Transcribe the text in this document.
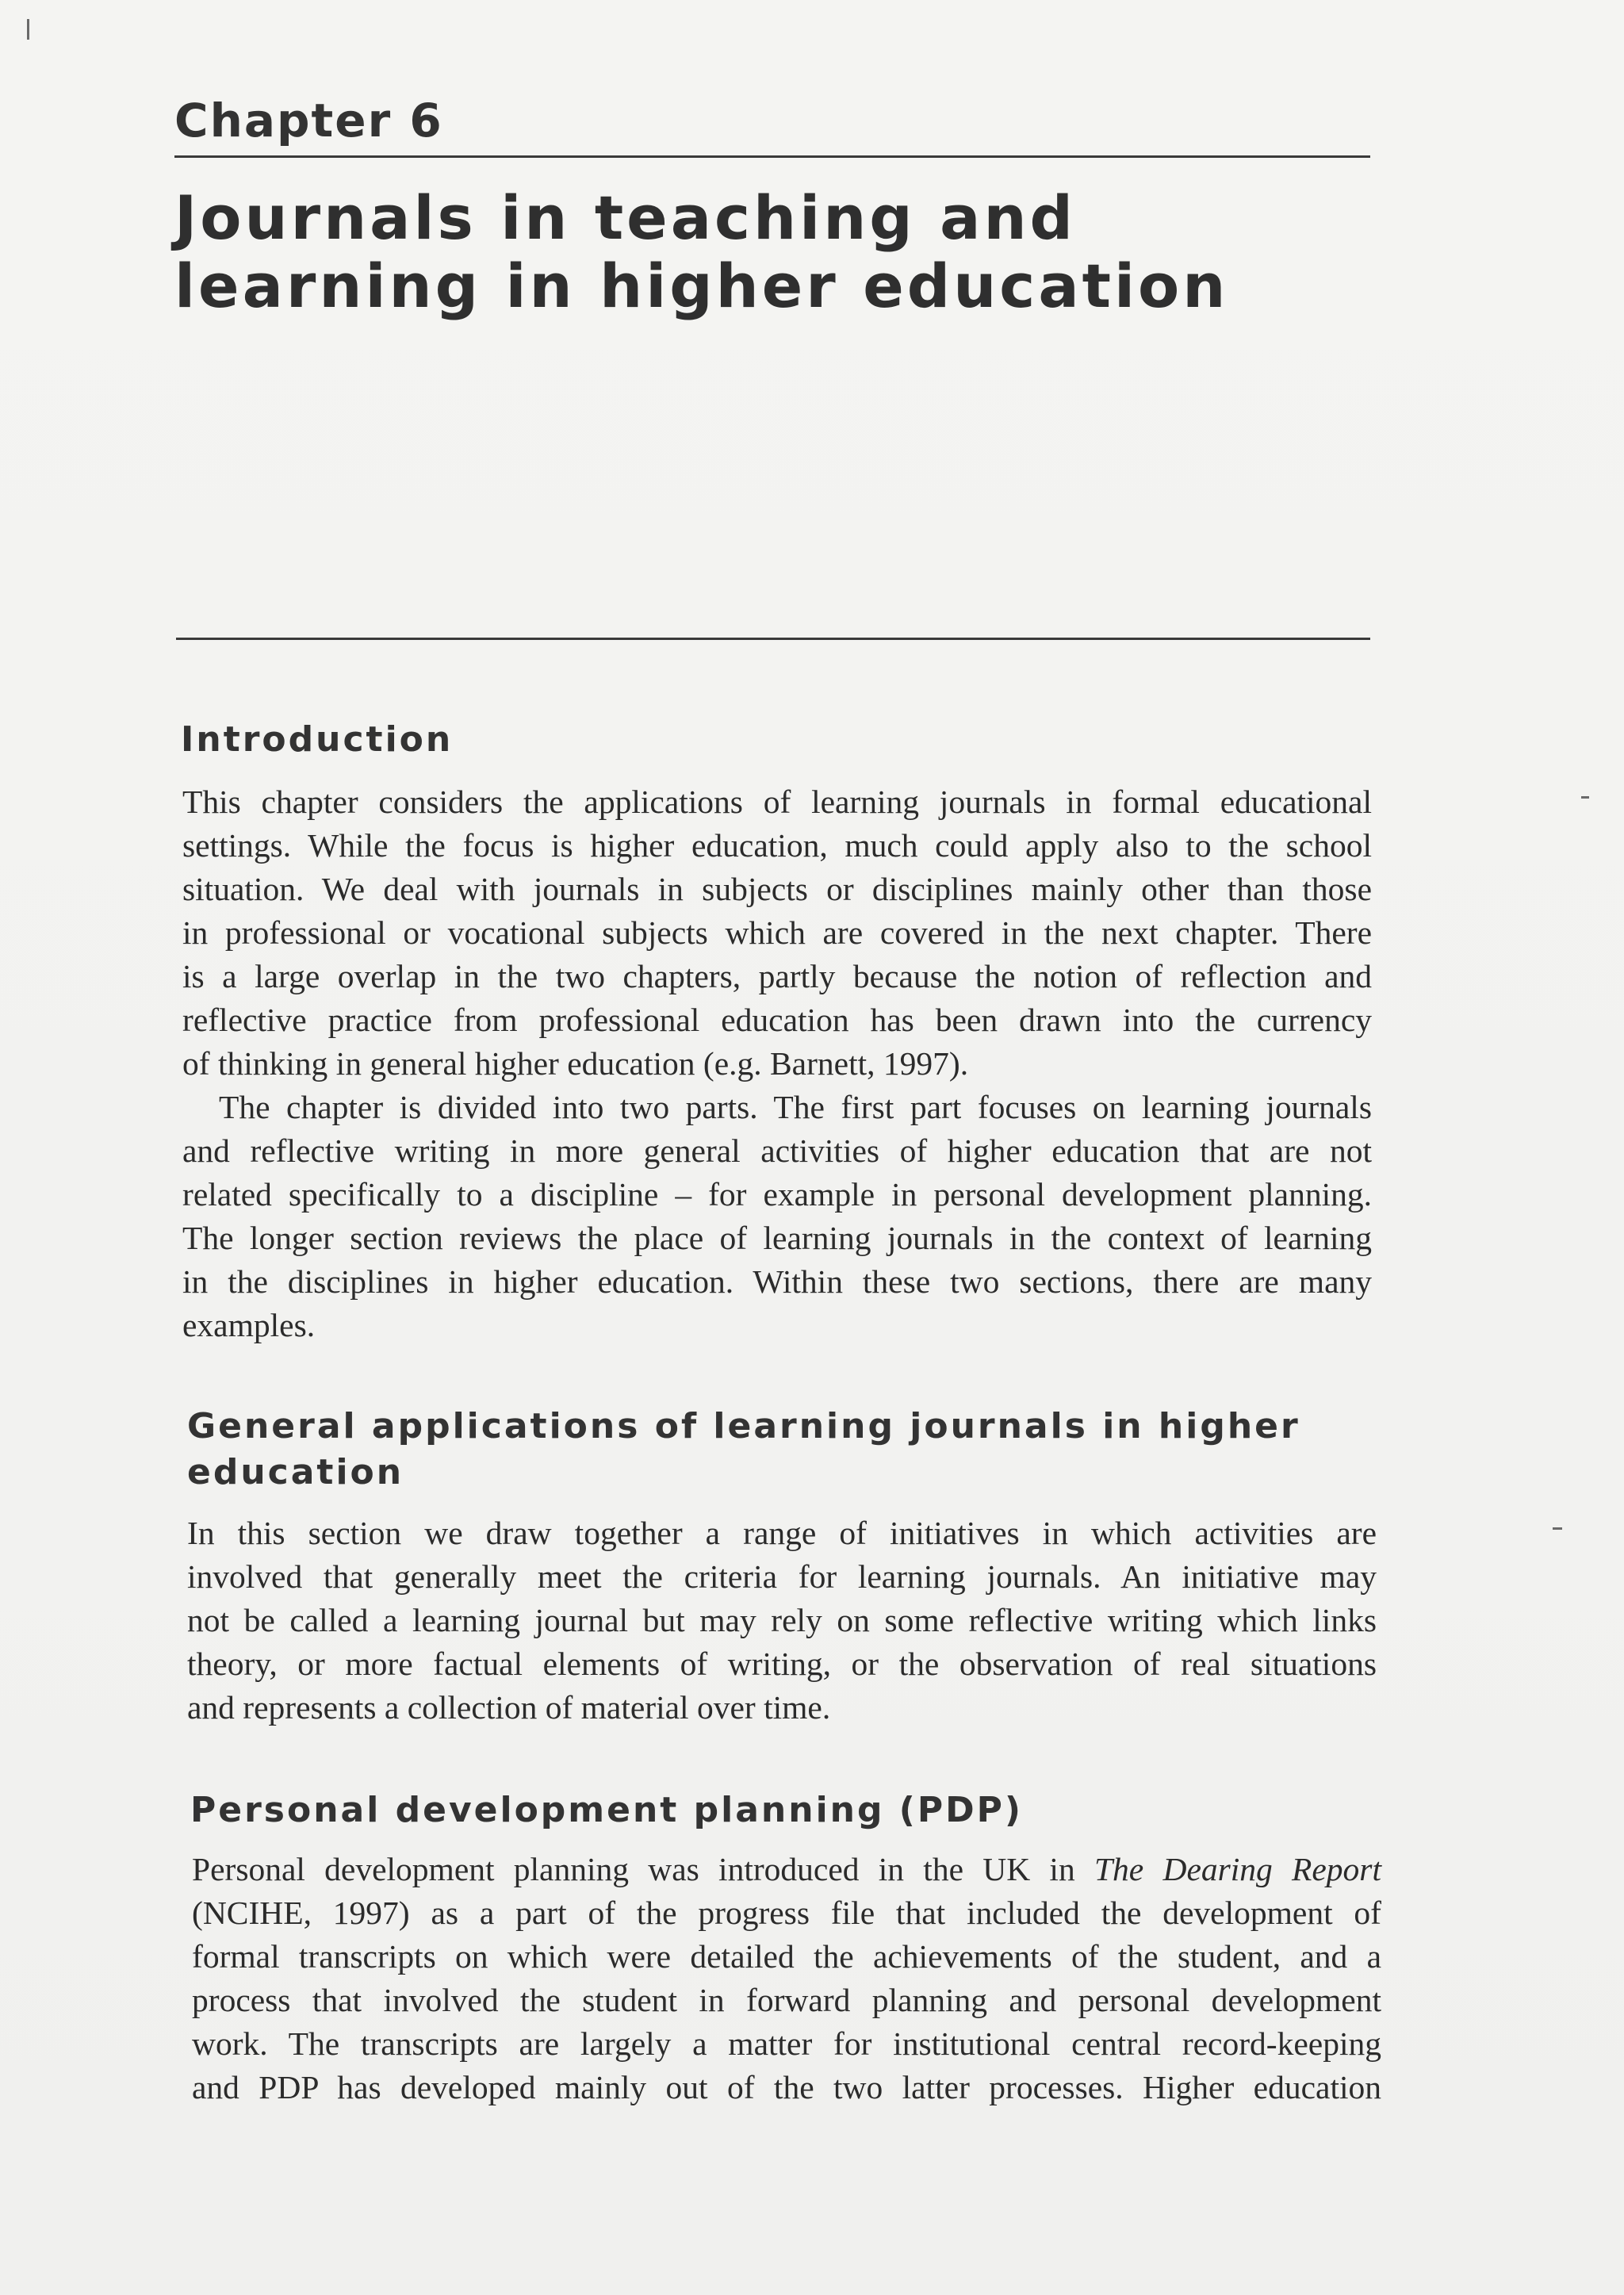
Chapter 6
Journals in teaching and
learning in higher education
Introduction

This chapter considers the applications of learning journals in formal educational
settings. While the focus is higher education, much could apply also to the school
situation. We deal with journals in subjects or disciplines mainly other than those
in professional or vocational subjects which are covered in the next chapter. There
is a large overlap in the two chapters, partly because the notion of reflection and
reflective practice from professional education has been drawn into the currency
of thinking in general higher education (e.g. Barnett, 1997).

The chapter is divided into two parts. The first part focuses on learning journals
and reflective writing in more general activities of higher education that are not
related specifically to a discipline – for example in personal development planning.
The longer section reviews the place of learning journals in the context of learning
in the disciplines in higher education. Within these two sections, there are many
examples.

General applications of learning journals in higher
education

In this section we draw together a range of initiatives in which activities are
involved that generally meet the criteria for learning journals. An initiative may
not be called a learning journal but may rely on some reflective writing which links
theory, or more factual elements of writing, or the observation of real situations
and represents a collection of material over time.

Personal development planning (PDP)

Personal development planning was introduced in the UK in The Dearing Report
(NCIHE, 1997) as a part of the progress file that included the development of
formal transcripts on which were detailed the achievements of the student, and a
process that involved the student in forward planning and personal development
work. The transcripts are largely a matter for institutional central record-keeping
and PDP has developed mainly out of the two latter processes. Higher education
